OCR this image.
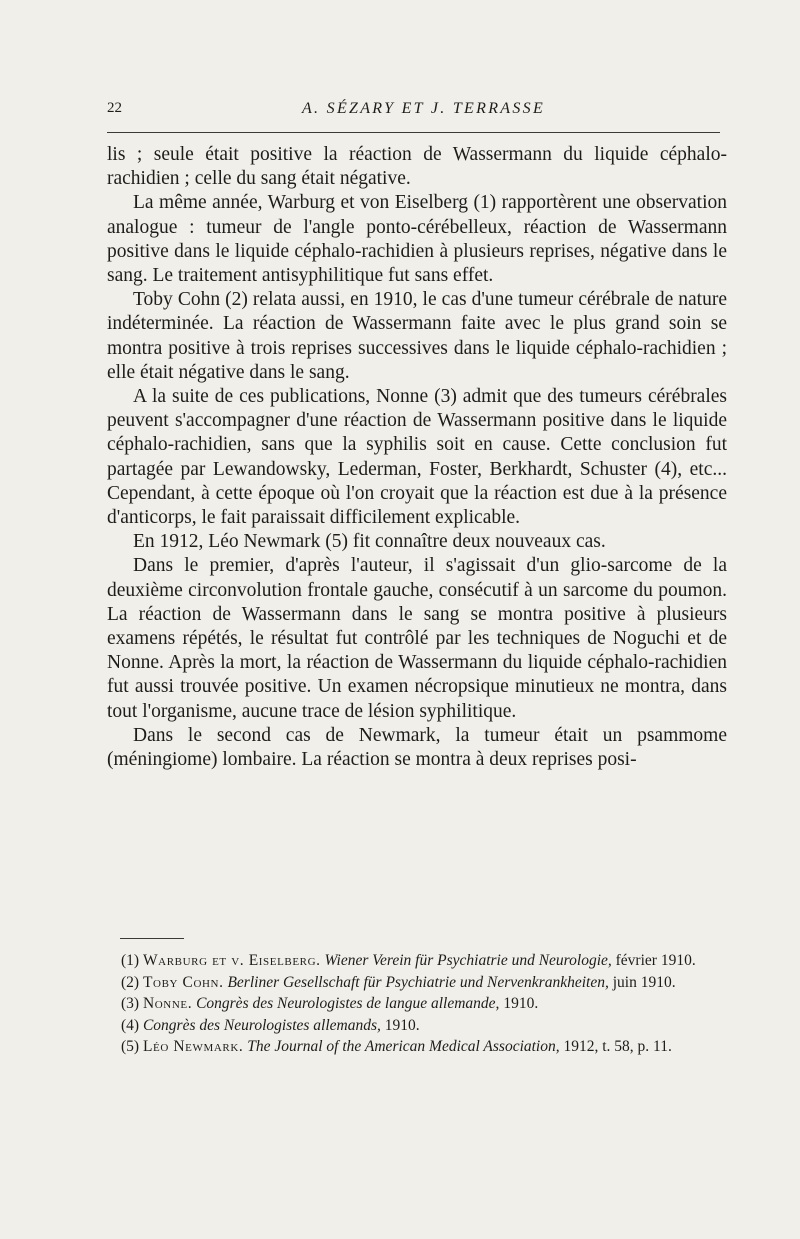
22	A. SÉZARY ET J. TERRASSE

lis ; seule était positive la réaction de Wassermann du liquide céphalo-rachidien ; celle du sang était négative.

La même année, Warburg et von Eiselberg (1) rapportèrent une observation analogue : tumeur de l'angle ponto-cérébelleux, réaction de Wassermann positive dans le liquide céphalo-rachidien à plusieurs reprises, négative dans le sang. Le traitement antisyphilitique fut sans effet.

Toby Cohn (2) relata aussi, en 1910, le cas d'une tumeur cérébrale de nature indéterminée. La réaction de Wassermann faite avec le plus grand soin se montra positive à trois reprises successives dans le liquide céphalo-rachidien ; elle était négative dans le sang.

A la suite de ces publications, Nonne (3) admit que des tumeurs cérébrales peuvent s'accompagner d'une réaction de Wassermann positive dans le liquide céphalo-rachidien, sans que la syphilis soit en cause. Cette conclusion fut partagée par Lewandowsky, Lederman, Foster, Berkhardt, Schuster (4), etc... Cependant, à cette époque où l'on croyait que la réaction est due à la présence d'anticorps, le fait paraissait difficilement explicable.

En 1912, Léo Newmark (5) fit connaître deux nouveaux cas.

Dans le premier, d'après l'auteur, il s'agissait d'un glio-sarcome de la deuxième circonvolution frontale gauche, consécutif à un sarcome du poumon. La réaction de Wassermann dans le sang se montra positive à plusieurs examens répétés, le résultat fut contrôlé par les techniques de Noguchi et de Nonne. Après la mort, la réaction de Wassermann du liquide céphalo-rachidien fut aussi trouvée positive. Un examen nécropsique minutieux ne montra, dans tout l'organisme, aucune trace de lésion syphilitique.

Dans le second cas de Newmark, la tumeur était un psammome (méningiome) lombaire. La réaction se montra à deux reprises posi-

(1) Warburg et v. Eiselberg. Wiener Verein für Psychiatrie und Neurologie, février 1910.

(2) Toby Cohn. Berliner Gesellschaft für Psychiatrie und Nervenkrankheiten, juin 1910.

(3) Nonne. Congrès des Neurologistes de langue allemande, 1910.

(4) Congrès des Neurologistes allemands, 1910.

(5) Léo Newmark. The Journal of the American Medical Association, 1912, t. 58, p. 11.
